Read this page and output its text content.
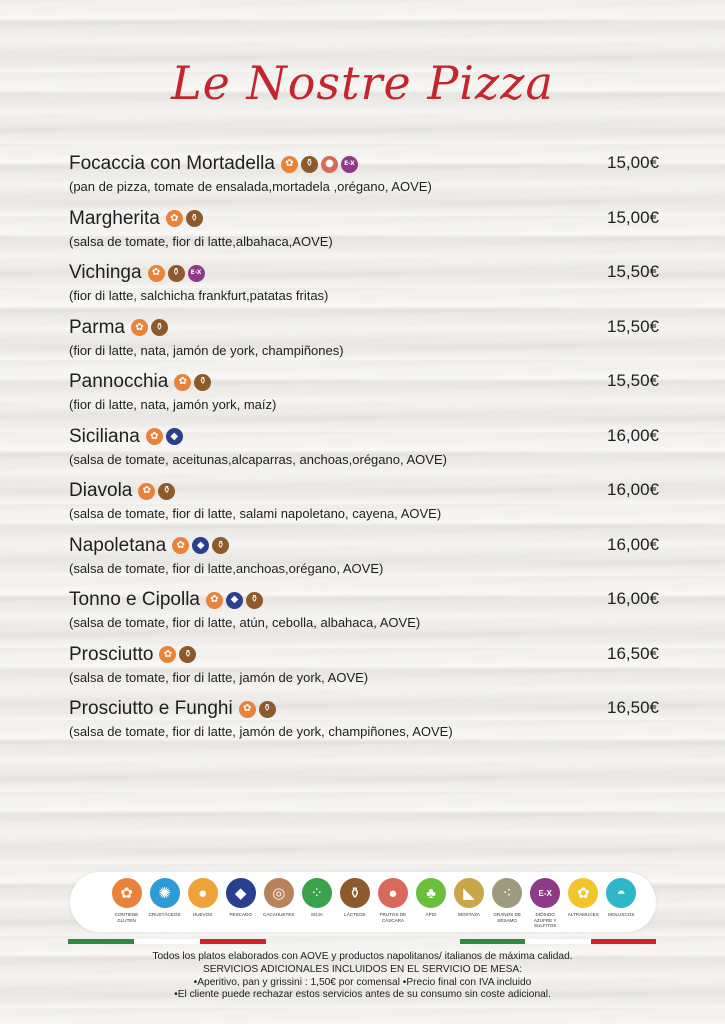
Le Nostre Pizza
Focaccia con Mortadella	✿	⚱	●	E-X
(pan de pizza, tomate de ensalada,mortadela ,orégano, AOVE)
15,00€
Margherita	✿	⚱
(salsa de tomate, fior di latte,albahaca,AOVE)
15,00€
Vichinga	✿	⚱	E-X
(fior di latte, salchicha frankfurt,patatas fritas)
15,50€
Parma	✿	⚱
(fior di latte, nata, jamón de york, champiñones)
15,50€
Pannocchia	✿	⚱
(fior di latte, nata, jamón york, maíz)
15,50€
Siciliana	✿	◆
(salsa de tomate, aceitunas,alcaparras, anchoas,orégano, AOVE)
16,00€
Diavola	✿	⚱
(salsa de tomate, fior di latte, salami napoletano, cayena, AOVE)
16,00€
Napoletana	✿	◆	⚱
(salsa de tomate, fior di latte,anchoas,orégano, AOVE)
16,00€
Tonno e Cipolla	✿	◆	⚱
(salsa de tomate, fior di latte, atún, cebolla, albahaca, AOVE)
16,00€
Prosciutto	✿	⚱
(salsa de tomate, fior di latte, jamón de york, AOVE)
16,50€
Prosciutto e Funghi	✿	⚱
(salsa de tomate, fior di latte, jamón de york, champiñones, AOVE)
16,50€
✿
CONTIENE GLUTEN
✺
CRUSTÁCEOS
●
HUEVOS
◆
PESCADO
◎
CACAHUETES
⁘
SOJA
⚱
LÁCTEOS
●
FRUTOS DE CÁSCARA
♣
APIO
◣
MOSTAZA
⁖
GRANOS DE SÉSAMO
E-X
DIÓXIDO AZUFRE Y SULFITOS
✿
ALTRAMUCES
◓
MOLUSCOS
Todos los platos elaborados con AOVE y productos napolitanos/ italianos de máxima calidad.
SERVICIOS ADICIONALES INCLUIDOS EN EL SERVICIO DE MESA:
•Aperitivo, pan y grissini : 1,50€ por comensal •Precio final con IVA incluido
•El cliente puede rechazar estos servicios antes de su consumo sin coste adicional.
